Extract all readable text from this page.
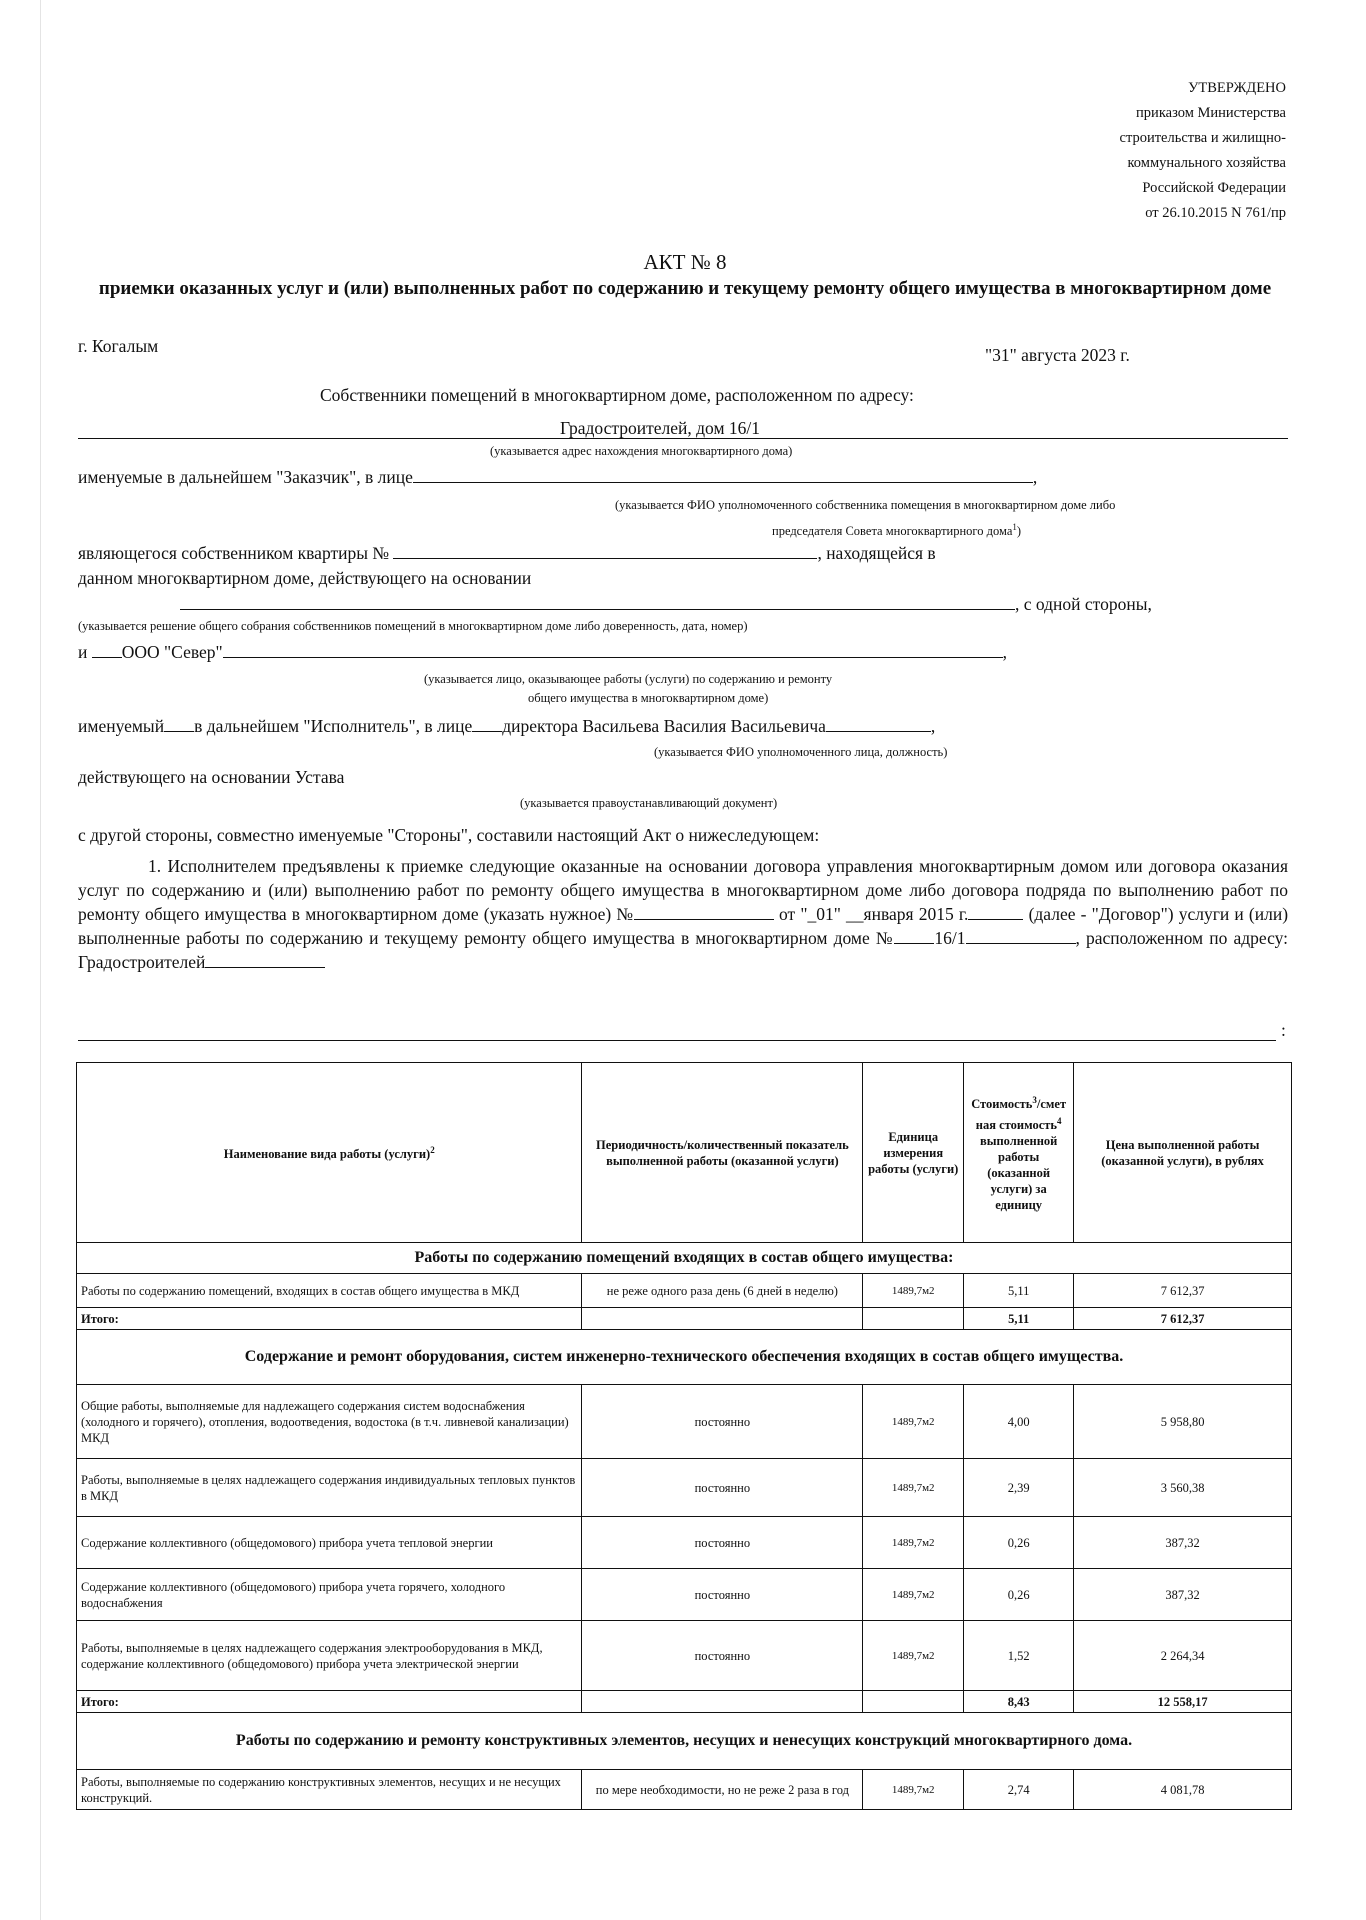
УТВЕРЖДЕНО
приказом Министерства
строительства и жилищно-
коммунального хозяйства
Российской Федерации
от 26.10.2015 N 761/пр
АКТ № 8
приемки оказанных услуг и (или) выполненных работ по содержанию и текущему ремонту общего имущества в многоквартирном доме
г. Когалым	"31" августа 2023 г.
Собственники помещений в многоквартирном доме, расположенном по адресу:
Градостроителей, дом 16/1
(указывается адрес нахождения многоквартирного дома)
именуемые в дальнейшем "Заказчик", в лице	,
(указывается ФИО уполномоченного собственника помещения в многоквартирном доме либо
председателя Совета многоквартирного дома$^1$)
являющегося собственником квартиры №	, находящейся в
данном многоквартирном доме, действующего на основании
, с одной стороны,
(указывается решение общего собрания собственников помещений в многоквартирном доме либо доверенность, дата, номер)
и ООО "Север"	,
(указывается лицо, оказывающее работы (услуги) по содержанию и ремонту
общего имущества в многоквартирном доме)
именуемый в дальнейшем "Исполнитель", в лице директора Васильева Василия Васильевича	,
(указывается ФИО уполномоченного лица, должность)
действующего на основании Устава
(указывается правоустанавливающий документ)
с другой стороны, совместно именуемые "Стороны", составили настоящий Акт о нижеследующем:
1. Исполнителем предъявлены к приемке следующие оказанные на основании договора управления многоквартирным домом или договора оказания услуг по содержанию и (или) выполнению работ по ремонту общего имущества в многоквартирном доме либо договора подряда по выполнению работ по ремонту общего имущества в многоквартирном доме (указать нужное) №	от "_01" __января 2015 г.	(далее - "Договор") услуги и (или) выполненные работы по содержанию и текущему ремонту общего имущества в многоквартирном доме № 16/1	, расположенном по адресу: Градостроителей
:
Наименование вида работы (услуги)$^2$	Периодичность/количественный показатель выполненной работы (оказанной услуги)	Единица измерения работы (услуги)	Стоимость$^3$/смет ная стоимость$^4$ выполненной работы (оказанной услуги) за единицу	Цена выполненной работы (оказанной услуги), в рублях
Работы по содержанию помещений входящих в состав общего имущества:				
Работы по содержанию помещений, входящих в состав общего имущества в МКД	не реже одного раза день (6 дней в неделю)	1489,7м2	5,11	7 612,37
Итого:			5,11	7 612,37
Содержание и ремонт оборудования, систем инженерно-технического обеспечения входящих в состав общего имущества.				
Общие работы, выполняемые для надлежащего содержания систем водоснабжения (холодного и горячего), отопления, водоотведения, водостока (в т.ч. ливневой канализации) МКД	постоянно	1489,7м2	4,00	5 958,80
Работы, выполняемые в целях надлежащего содержания индивидуальных тепловых пунктов в МКД	постоянно	1489,7м2	2,39	3 560,38
Содержание коллективного (общедомового) прибора учета тепловой энергии	постоянно	1489,7м2	0,26	387,32
Содержание коллективного (общедомового) прибора учета горячего, холодного водоснабжения	постоянно	1489,7м2	0,26	387,32
Работы, выполняемые в целях надлежащего содержания электрооборудования в МКД, содержание коллективного (общедомового) прибора учета электрической энергии	постоянно	1489,7м2	1,52	2 264,34
Итого:			8,43	12 558,17
Работы по содержанию и ремонту конструктивных элементов, несущих и ненесущих конструкций многоквартирного дома.				
Работы, выполняемые по содержанию конструктивных элементов, несущих и не несущих конструкций.	по мере необходимости, но не реже 2 раза в год	1489,7м2	2,74	4 081,78
